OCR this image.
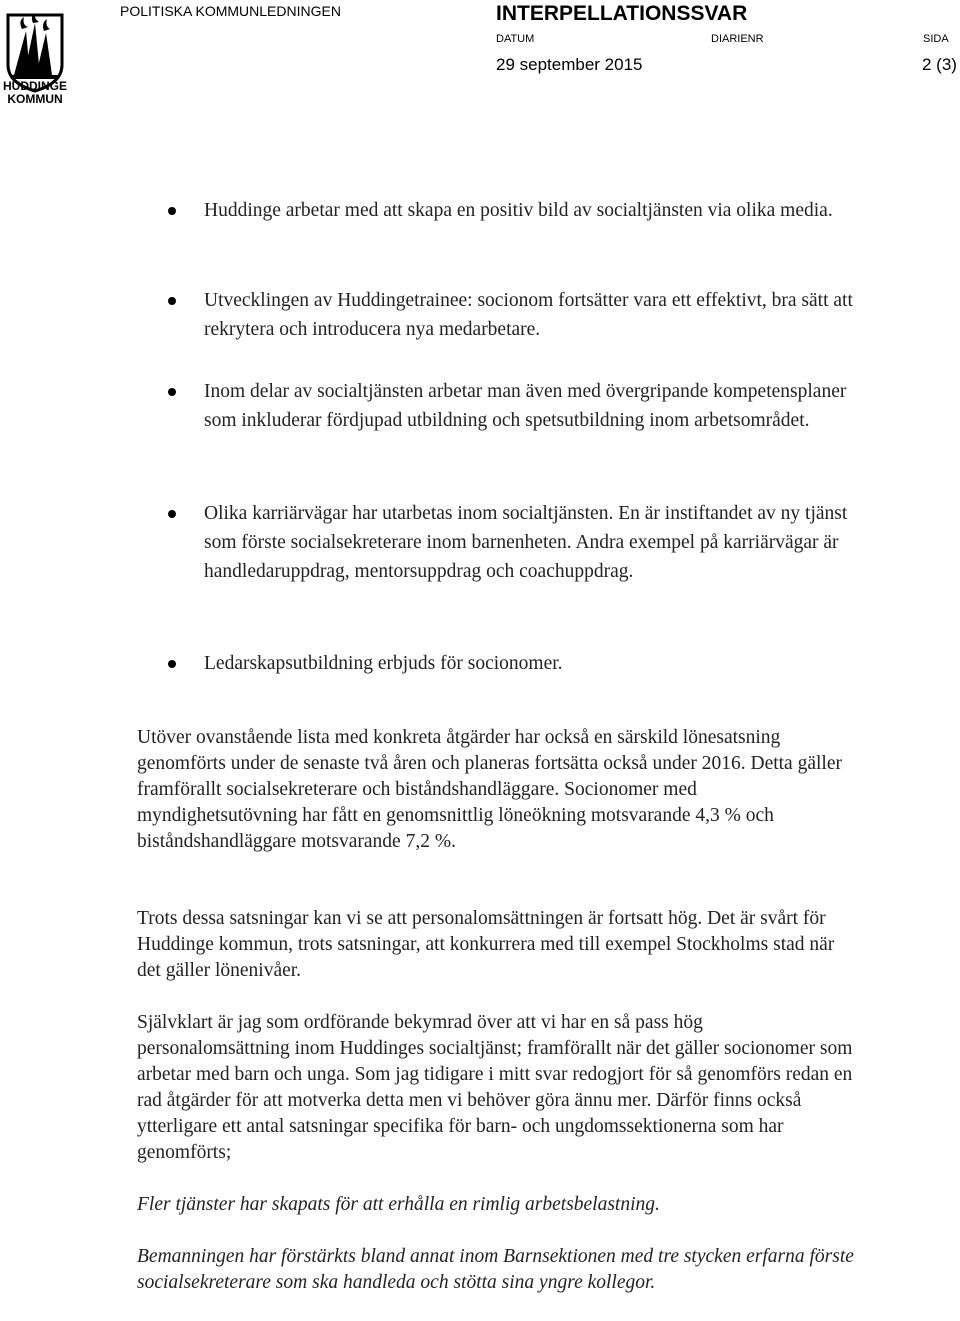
HUDDINGE
KOMMUN
POLITISKA KOMMUNLEDNINGEN	INTERPELLATIONSSVAR
DATUM	DIARIENR	SIDA
29 september 2015	2 (3)
Huddinge arbetar med att skapa en positiv bild av socialtjänsten via olika media.
Utvecklingen av Huddingetrainee: socionom fortsätter vara ett effektivt, bra sätt att rekrytera och introducera nya medarbetare.
Inom delar av socialtjänsten arbetar man även med övergripande kompetensplaner som inkluderar fördjupad utbildning och spetsutbildning inom arbetsområdet.
Olika karriärvägar har utarbetas inom socialtjänsten. En är instiftandet av ny tjänst som förste socialsekreterare inom barnenheten. Andra exempel på karriärvägar är handledaruppdrag, mentorsuppdrag och coachuppdrag.
Ledarskapsutbildning erbjuds för socionomer.
Utöver ovanstående lista med konkreta åtgärder har också en särskild lönesatsning genomförts under de senaste två åren och planeras fortsätta också under 2016. Detta gäller framförallt socialsekreterare och biståndshandläggare. Socionomer med myndighetsutövning har fått en genomsnittlig löneökning motsvarande 4,3 % och biståndshandläggare motsvarande 7,2 %.
Trots dessa satsningar kan vi se att personalomsättningen är fortsatt hög. Det är svårt för Huddinge kommun, trots satsningar, att konkurrera med till exempel Stockholms stad när det gäller lönenivåer.
Självklart är jag som ordförande bekymrad över att vi har en så pass hög personalomsättning inom Huddinges socialtjänst; framförallt när det gäller socionomer som arbetar med barn och unga. Som jag tidigare i mitt svar redogjort för så genomförs redan en rad åtgärder för att motverka detta men vi behöver göra ännu mer. Därför finns också ytterligare ett antal satsningar specifika för barn- och ungdomssektionerna som har genomförts;
Fler tjänster har skapats för att erhålla en rimlig arbetsbelastning.
Bemanningen har förstärkts bland annat inom Barnsektionen med tre stycken erfarna förste socialsekreterare som ska handleda och stötta sina yngre kollegor.
